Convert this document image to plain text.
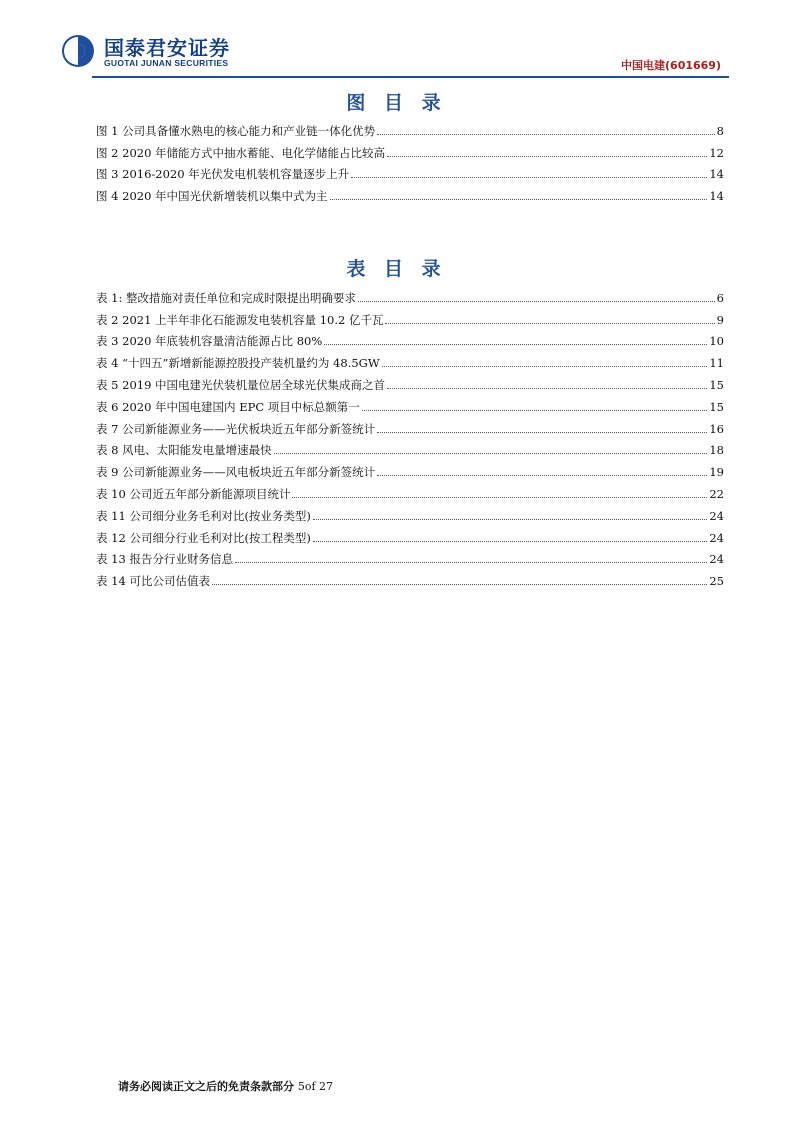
国泰君安证券
GUOTAI JUNAN SECURITIES	中国电建(601669)
图 目 录
图 1 公司具备懂水熟电的核心能力和产业链一体化优势	8
图 2 2020 年储能方式中抽水蓄能、电化学储能占比较高	12
图 3 2016-2020 年光伏发电机装机容量逐步上升	14
图 4 2020 年中国光伏新增装机以集中式为主	14
表 目 录
表 1: 整改措施对责任单位和完成时限提出明确要求	6
表 2 2021 上半年非化石能源发电装机容量 10.2 亿千瓦	9
表 3 2020 年底装机容量清洁能源占比 80%	10
表 4 “十四五”新增新能源控股投产装机量约为 48.5GW	11
表 5 2019 中国电建光伏装机量位居全球光伏集成商之首	15
表 6 2020 年中国电建国内 EPC 项目中标总额第一	15
表 7 公司新能源业务——光伏板块近五年部分新签统计	16
表 8 风电、太阳能发电量增速最快	18
表 9 公司新能源业务——风电板块近五年部分新签统计	19
表 10 公司近五年部分新能源项目统计	22
表 11 公司细分业务毛利对比(按业务类型)	24
表 12 公司细分行业毛利对比(按工程类型)	24
表 13 报告分行业财务信息	24
表 14 可比公司估值表	25
请务必阅读正文之后的免责条款部分 5of 27
